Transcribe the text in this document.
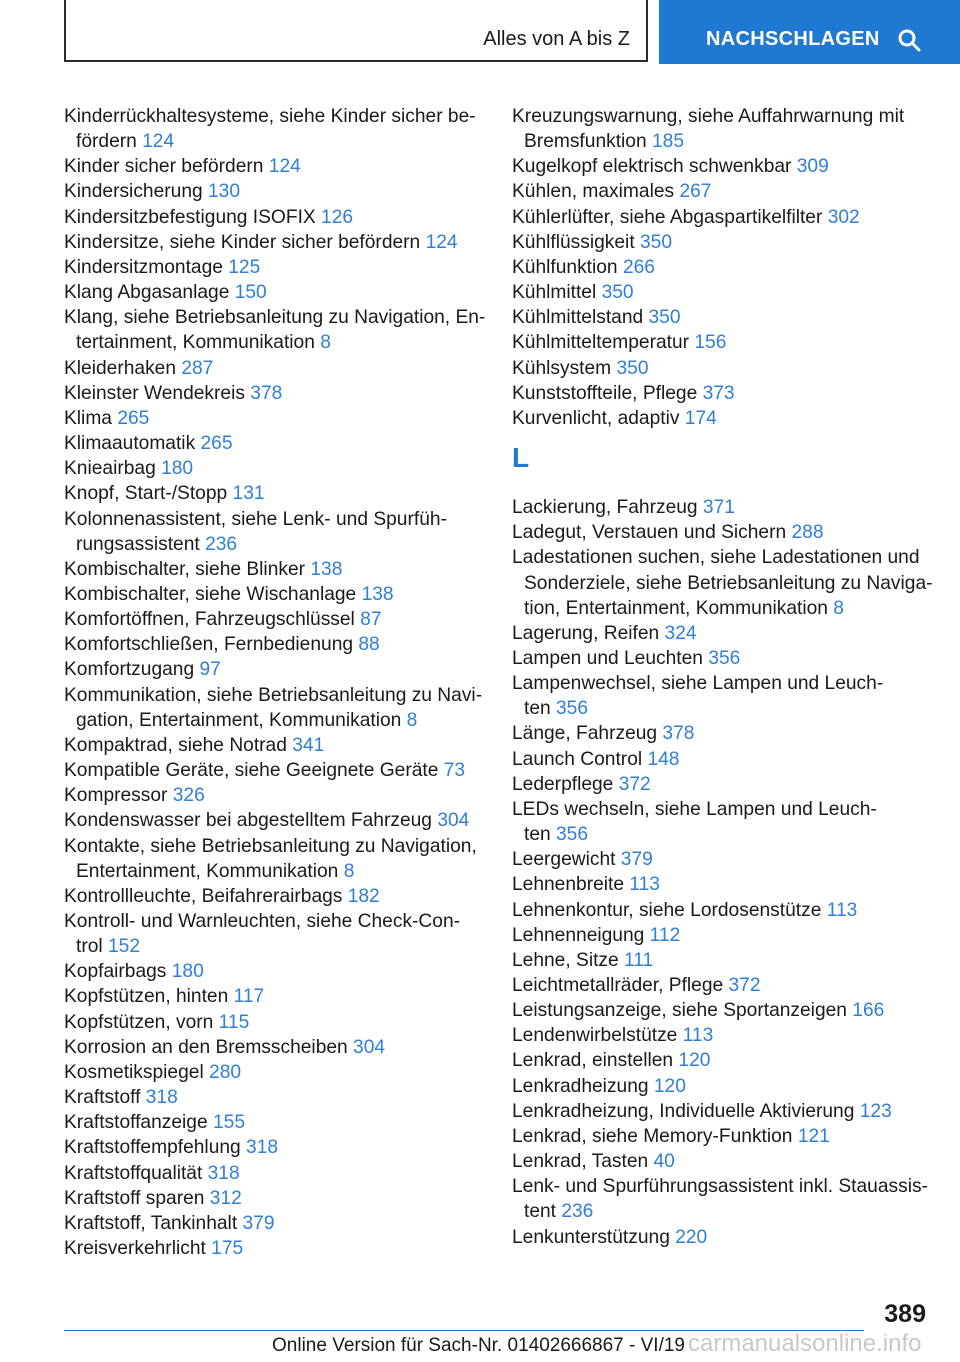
Alles von A bis Z	NACHSCHLAGEN
Kinderrückhaltesysteme, siehe Kinder sicher be-
fördern 124
Kinder sicher befördern 124
Kindersicherung 130
Kindersitzbefestigung ISOFIX 126
Kindersitze, siehe Kinder sicher befördern 124
Kindersitzmontage 125
Klang Abgasanlage 150
Klang, siehe Betriebsanleitung zu Navigation, En-
tertainment, Kommunikation 8
Kleiderhaken 287
Kleinster Wendekreis 378
Klima 265
Klimaautomatik 265
Knieairbag 180
Knopf, Start-/Stopp 131
Kolonnenassistent, siehe Lenk- und Spurfüh-
rungsassistent 236
Kombischalter, siehe Blinker 138
Kombischalter, siehe Wischanlage 138
Komfortöffnen, Fahrzeugschlüssel 87
Komfortschließen, Fernbedienung 88
Komfortzugang 97
Kommunikation, siehe Betriebsanleitung zu Navi-
gation, Entertainment, Kommunikation 8
Kompaktrad, siehe Notrad 341
Kompatible Geräte, siehe Geeignete Geräte 73
Kompressor 326
Kondenswasser bei abgestelltem Fahrzeug 304
Kontakte, siehe Betriebsanleitung zu Navigation,
Entertainment, Kommunikation 8
Kontrollleuchte, Beifahrerairbags 182
Kontroll- und Warnleuchten, siehe Check-Con-
trol 152
Kopfairbags 180
Kopfstützen, hinten 117
Kopfstützen, vorn 115
Korrosion an den Bremsscheiben 304
Kosmetikspiegel 280
Kraftstoff 318
Kraftstoffanzeige 155
Kraftstoffempfehlung 318
Kraftstoffqualität 318
Kraftstoff sparen 312
Kraftstoff, Tankinhalt 379
Kreisverkehrlicht 175
Kreuzungswarnung, siehe Auffahrwarnung mit
Bremsfunktion 185
Kugelkopf elektrisch schwenkbar 309
Kühlen, maximales 267
Kühlerlüfter, siehe Abgaspartikelfilter 302
Kühlflüssigkeit 350
Kühlfunktion 266
Kühlmittel 350
Kühlmittelstand 350
Kühlmitteltemperatur 156
Kühlsystem 350
Kunststoffteile, Pflege 373
Kurvenlicht, adaptiv 174
L
Lackierung, Fahrzeug 371
Ladegut, Verstauen und Sichern 288
Ladestationen suchen, siehe Ladestationen und
Sonderziele, siehe Betriebsanleitung zu Naviga-
tion, Entertainment, Kommunikation 8
Lagerung, Reifen 324
Lampen und Leuchten 356
Lampenwechsel, siehe Lampen und Leuch-
ten 356
Länge, Fahrzeug 378
Launch Control 148
Lederpflege 372
LEDs wechseln, siehe Lampen und Leuch-
ten 356
Leergewicht 379
Lehnenbreite 113
Lehnenkontur, siehe Lordosenstütze 113
Lehnenneigung 112
Lehne, Sitze 111
Leichtmetallräder, Pflege 372
Leistungsanzeige, siehe Sportanzeigen 166
Lendenwirbelstütze 113
Lenkrad, einstellen 120
Lenkradheizung 120
Lenkradheizung, Individuelle Aktivierung 123
Lenkrad, siehe Memory-Funktion 121
Lenkrad, Tasten 40
Lenk- und Spurführungsassistent inkl. Stauassis-
tent 236
Lenkunterstützung 220
389
Online Version für Sach-Nr. 01402666867 - VI/19 carmanualsonline.info
